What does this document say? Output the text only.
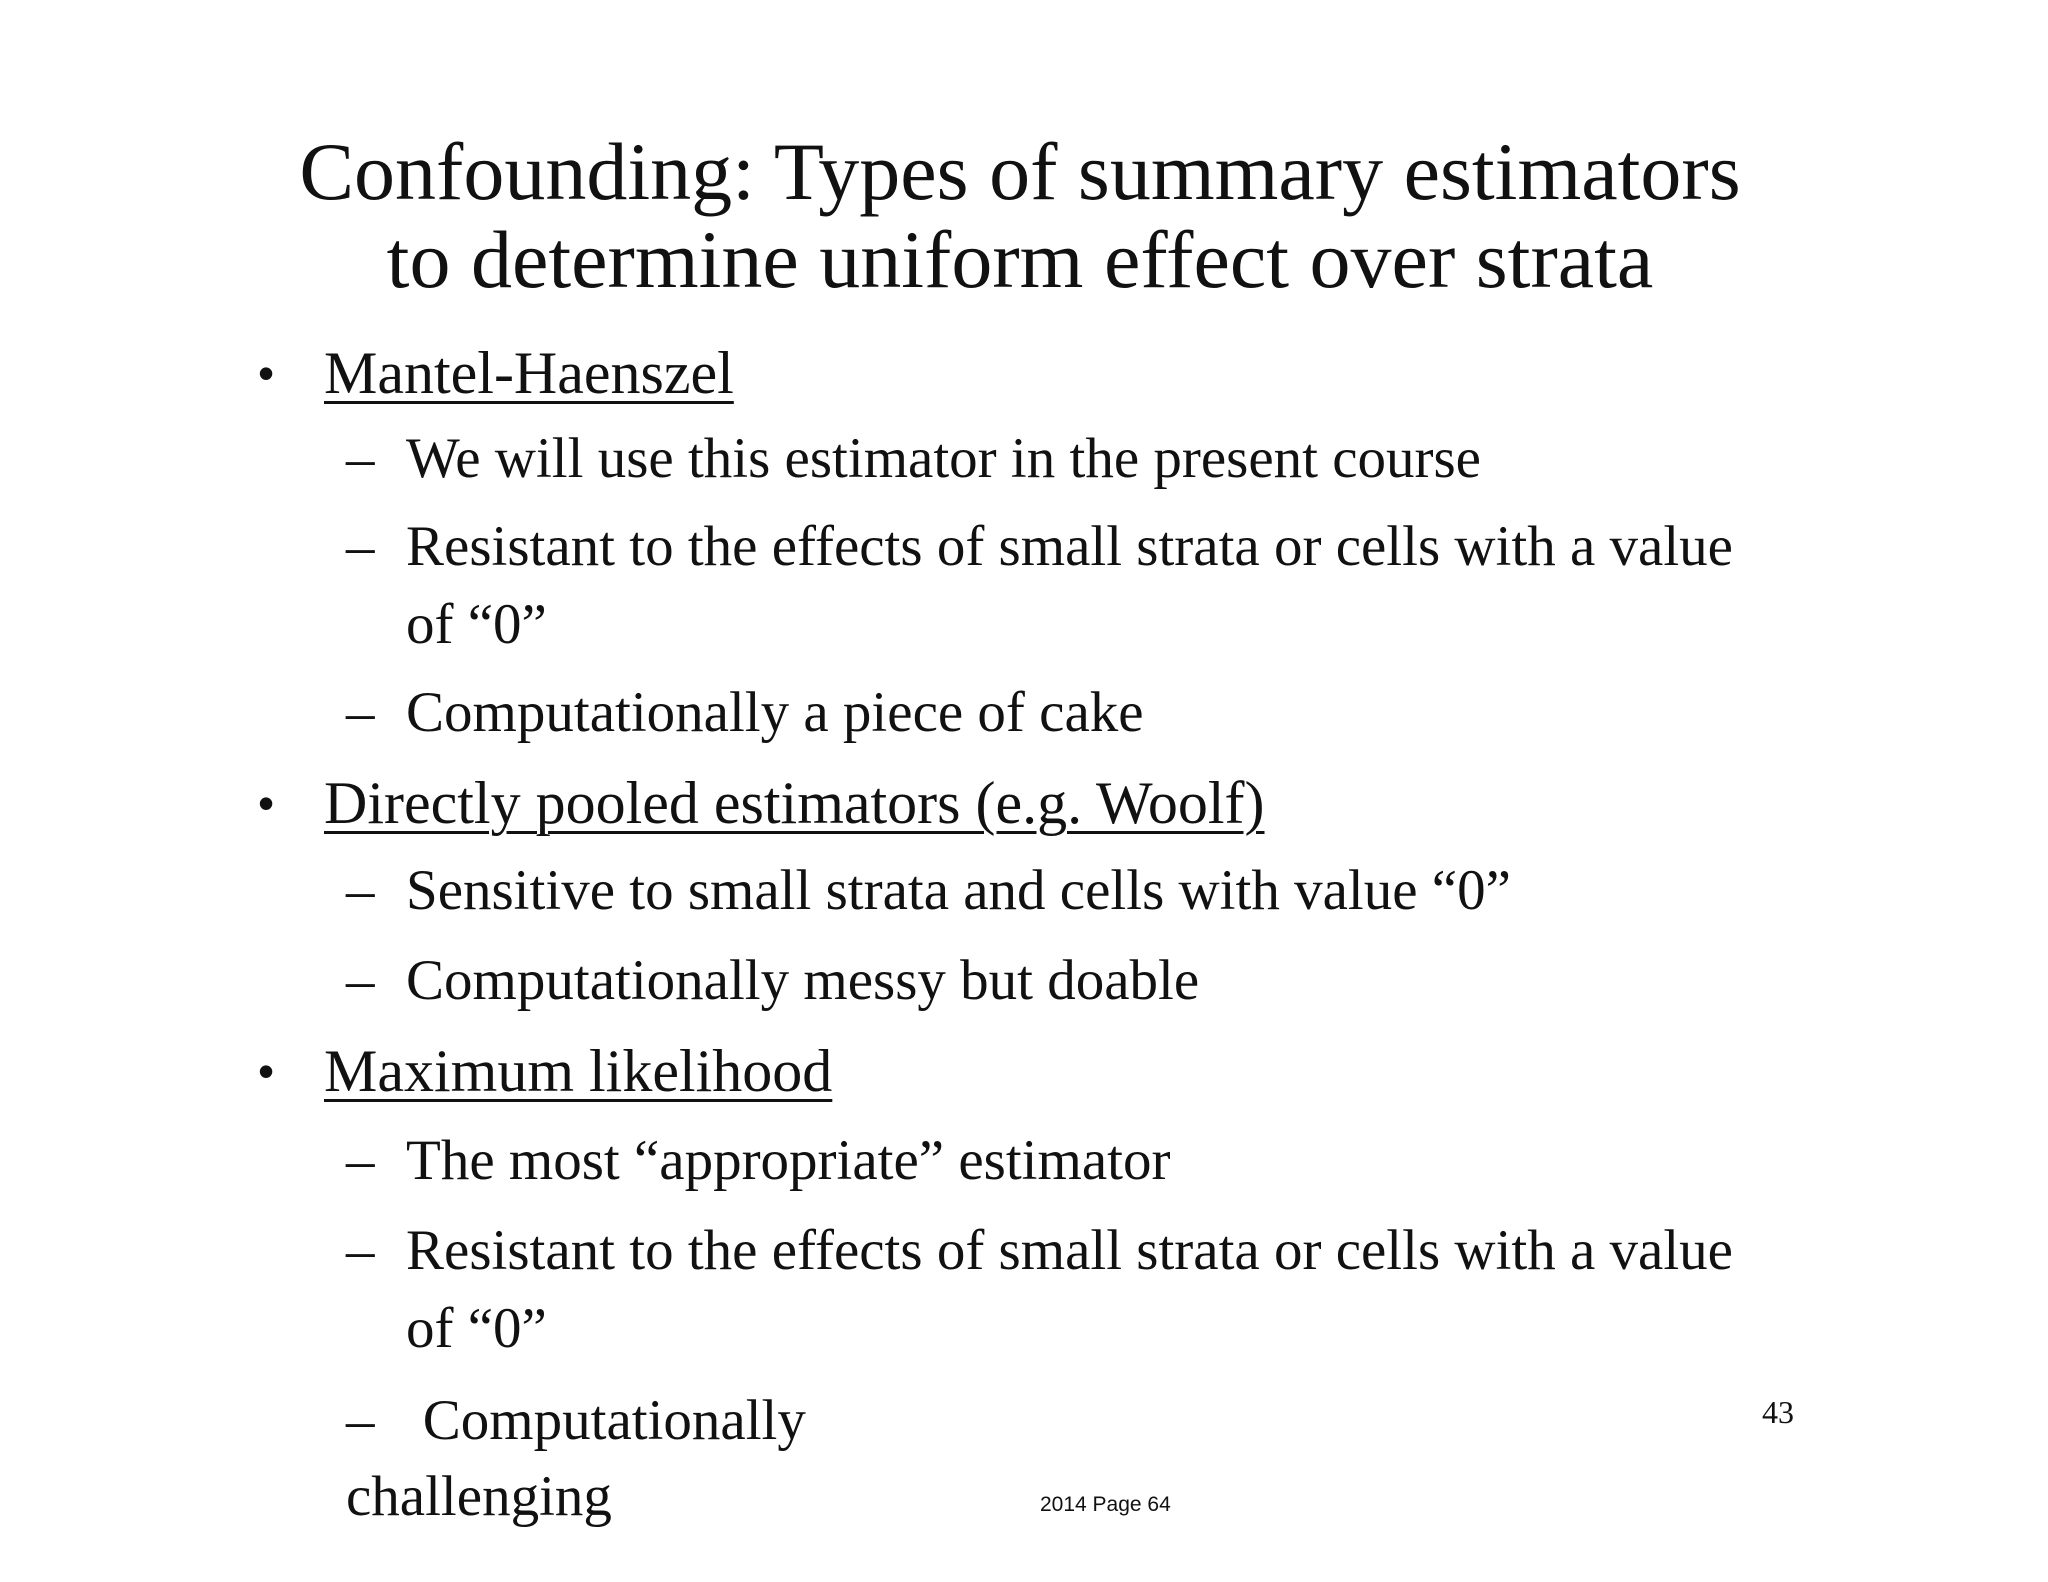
Confounding: Types of summary estimators
to determine uniform effect over strata
• Mantel-Haenszel
– We will use this estimator in the present course
– Resistant to the effects of small strata or cells with a value of “0”
– Computationally a piece of cake
• Directly pooled estimators (e.g. Woolf)
– Sensitive to small strata and cells with value “0”
– Computationally messy but doable
• Maximum likelihood
– The most “appropriate” estimator
– Resistant to the effects of small strata or cells with a value of “0”
– Computationally
challenging
43
2014 Page 64
